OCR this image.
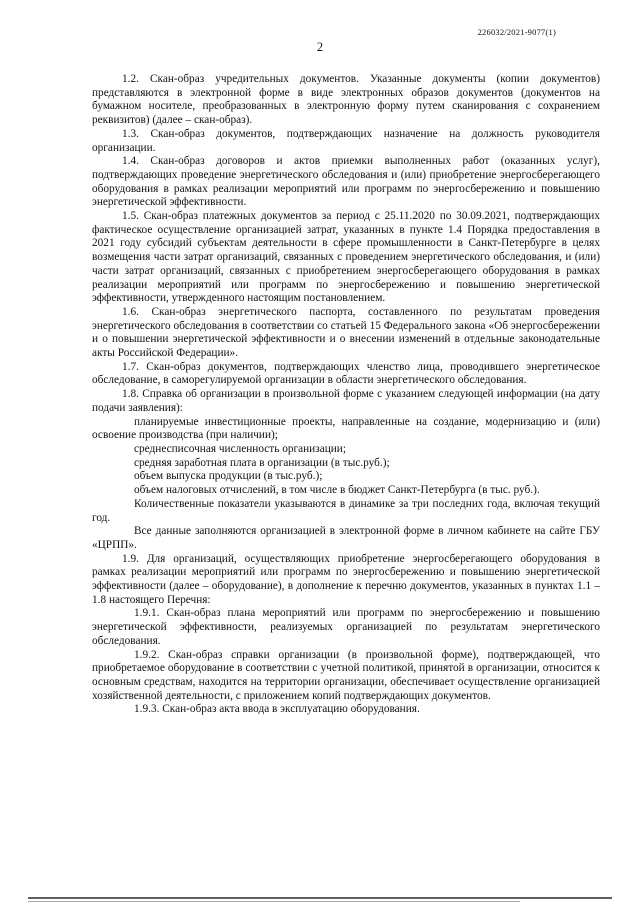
226032/2021-9077(1)
2

1.2. Скан-образ учредительных документов. Указанные документы (копии документов) представляются в электронной форме в виде электронных образов документов (документов на бумажном носителе, преобразованных в электронную форму путем сканирования с сохранением реквизитов) (далее – скан-образ).

1.3. Скан-образ документов, подтверждающих назначение на должность руководителя организации.

1.4. Скан-образ договоров и актов приемки выполненных работ (оказанных услуг), подтверждающих проведение энергетического обследования и (или) приобретение энергосберегающего оборудования в рамках реализации мероприятий или программ по энергосбережению и повышению энергетической эффективности.

1.5. Скан-образ платежных документов за период с 25.11.2020 по 30.09.2021, подтверждающих фактическое осуществление организацией затрат, указанных в пункте 1.4 Порядка предоставления в 2021 году субсидий субъектам деятельности в сфере промышленности в Санкт-Петербурге в целях возмещения части затрат организаций, связанных с проведением энергетического обследования, и (или) части затрат организаций, связанных с приобретением энергосберегающего оборудования в рамках реализации мероприятий или программ по энергосбережению и повышению энергетической эффективности, утвержденного настоящим постановлением.

1.6. Скан-образ энергетического паспорта, составленного по результатам проведения энергетического обследования в соответствии со статьей 15 Федерального закона «Об энергосбережении и о повышении энергетической эффективности и о внесении изменений в отдельные законодательные акты Российской Федерации».

1.7. Скан-образ документов, подтверждающих членство лица, проводившего энергетическое обследование, в саморегулируемой организации в области энергетического обследования.

1.8. Справка об организации в произвольной форме с указанием следующей информации (на дату подачи заявления):

планируемые инвестиционные проекты, направленные на создание, модернизацию и (или) освоение производства (при наличии);

среднесписочная численность организации;

средняя заработная плата в организации (в тыс.руб.);

объем выпуска продукции (в тыс.руб.);

объем налоговых отчислений, в том числе в бюджет Санкт-Петербурга (в тыс. руб.).

Количественные показатели указываются в динамике за три последних года, включая текущий год.

Все данные заполняются организацией в электронной форме в личном кабинете на сайте ГБУ «ЦРПП».

1.9. Для организаций, осуществляющих приобретение энергосберегающего оборудования в рамках реализации мероприятий или программ по энергосбережению и повышению энергетической эффективности (далее – оборудование), в дополнение к перечню документов, указанных в пунктах 1.1 – 1.8 настоящего Перечня:

1.9.1. Скан-образ плана мероприятий или программ по энергосбережению и повышению энергетической эффективности, реализуемых организацией по результатам энергетического обследования.

1.9.2. Скан-образ справки организации (в произвольной форме), подтверждающей, что приобретаемое оборудование в соответствии с учетной политикой, принятой в организации, относится к основным средствам, находится на территории организации, обеспечивает осуществление организацией хозяйственной деятельности, с приложением копий подтверждающих документов.

1.9.3. Скан-образ акта ввода в эксплуатацию оборудования.
